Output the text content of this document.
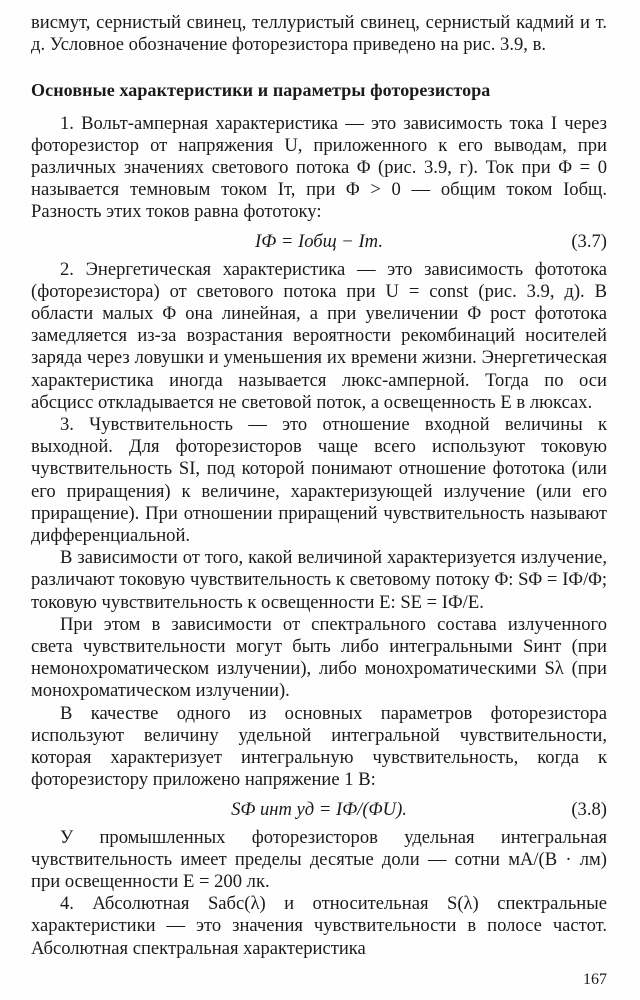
висмут, сернистый свинец, теллуристый свинец, сернистый кадмий и т. д. Условное обозначение фоторезистора приведено на рис. 3.9, в.

Основные характеристики и параметры фоторезистора

1. Вольт-амперная характеристика — это зависимость тока I через фоторезистор от напряжения U, приложенного к его выводам, при различных значениях светового потока Φ (рис. 3.9, г). Ток при Φ = 0 называется темновым током Iт, при Φ > 0 — общим током Iобщ. Разность этих токов равна фототоку:

IФ = Iобщ − Iт.	(3.7)

2. Энергетическая характеристика — это зависимость фототока (фоторезистора) от светового потока при U = const (рис. 3.9, д). В области малых Φ она линейная, а при увеличении Φ рост фототока замедляется из-за возрастания вероятности рекомбинаций носителей заряда через ловушки и уменьшения их времени жизни. Энергетическая характеристика иногда называется люкс-амперной. Тогда по оси абсцисс откладывается не световой поток, а освещенность E в люксах.

3. Чувствительность — это отношение входной величины к выходной. Для фоторезисторов чаще всего используют токовую чувствительность SI, под которой понимают отношение фототока (или его приращения) к величине, характеризующей излучение (или его приращение). При отношении приращений чувствительность называют дифференциальной.

В зависимости от того, какой величиной характеризуется излучение, различают токовую чувствительность к световому потоку Φ: SΦ = IФ/Φ; токовую чувствительность к освещенности E: SE = IФ/E.

При этом в зависимости от спектрального состава излученного света чувствительности могут быть либо интегральными Sинт (при немонохроматическом излучении), либо монохроматическими Sλ (при монохроматическом излучении).

В качестве одного из основных параметров фоторезистора используют величину удельной интегральной чувствительности, которая характеризует интегральную чувствительность, когда к фоторезистору приложено напряжение 1 В:

SФ инт уд = IФ/(ΦU).	(3.8)

У промышленных фоторезисторов удельная интегральная чувствительность имеет пределы десятые доли — сотни мА/(В · лм) при освещенности E = 200 лк.

4. Абсолютная Sабс(λ) и относительная S(λ) спектральные характеристики — это значения чувствительности в полосе частот. Абсолютная спектральная характеристика

167
